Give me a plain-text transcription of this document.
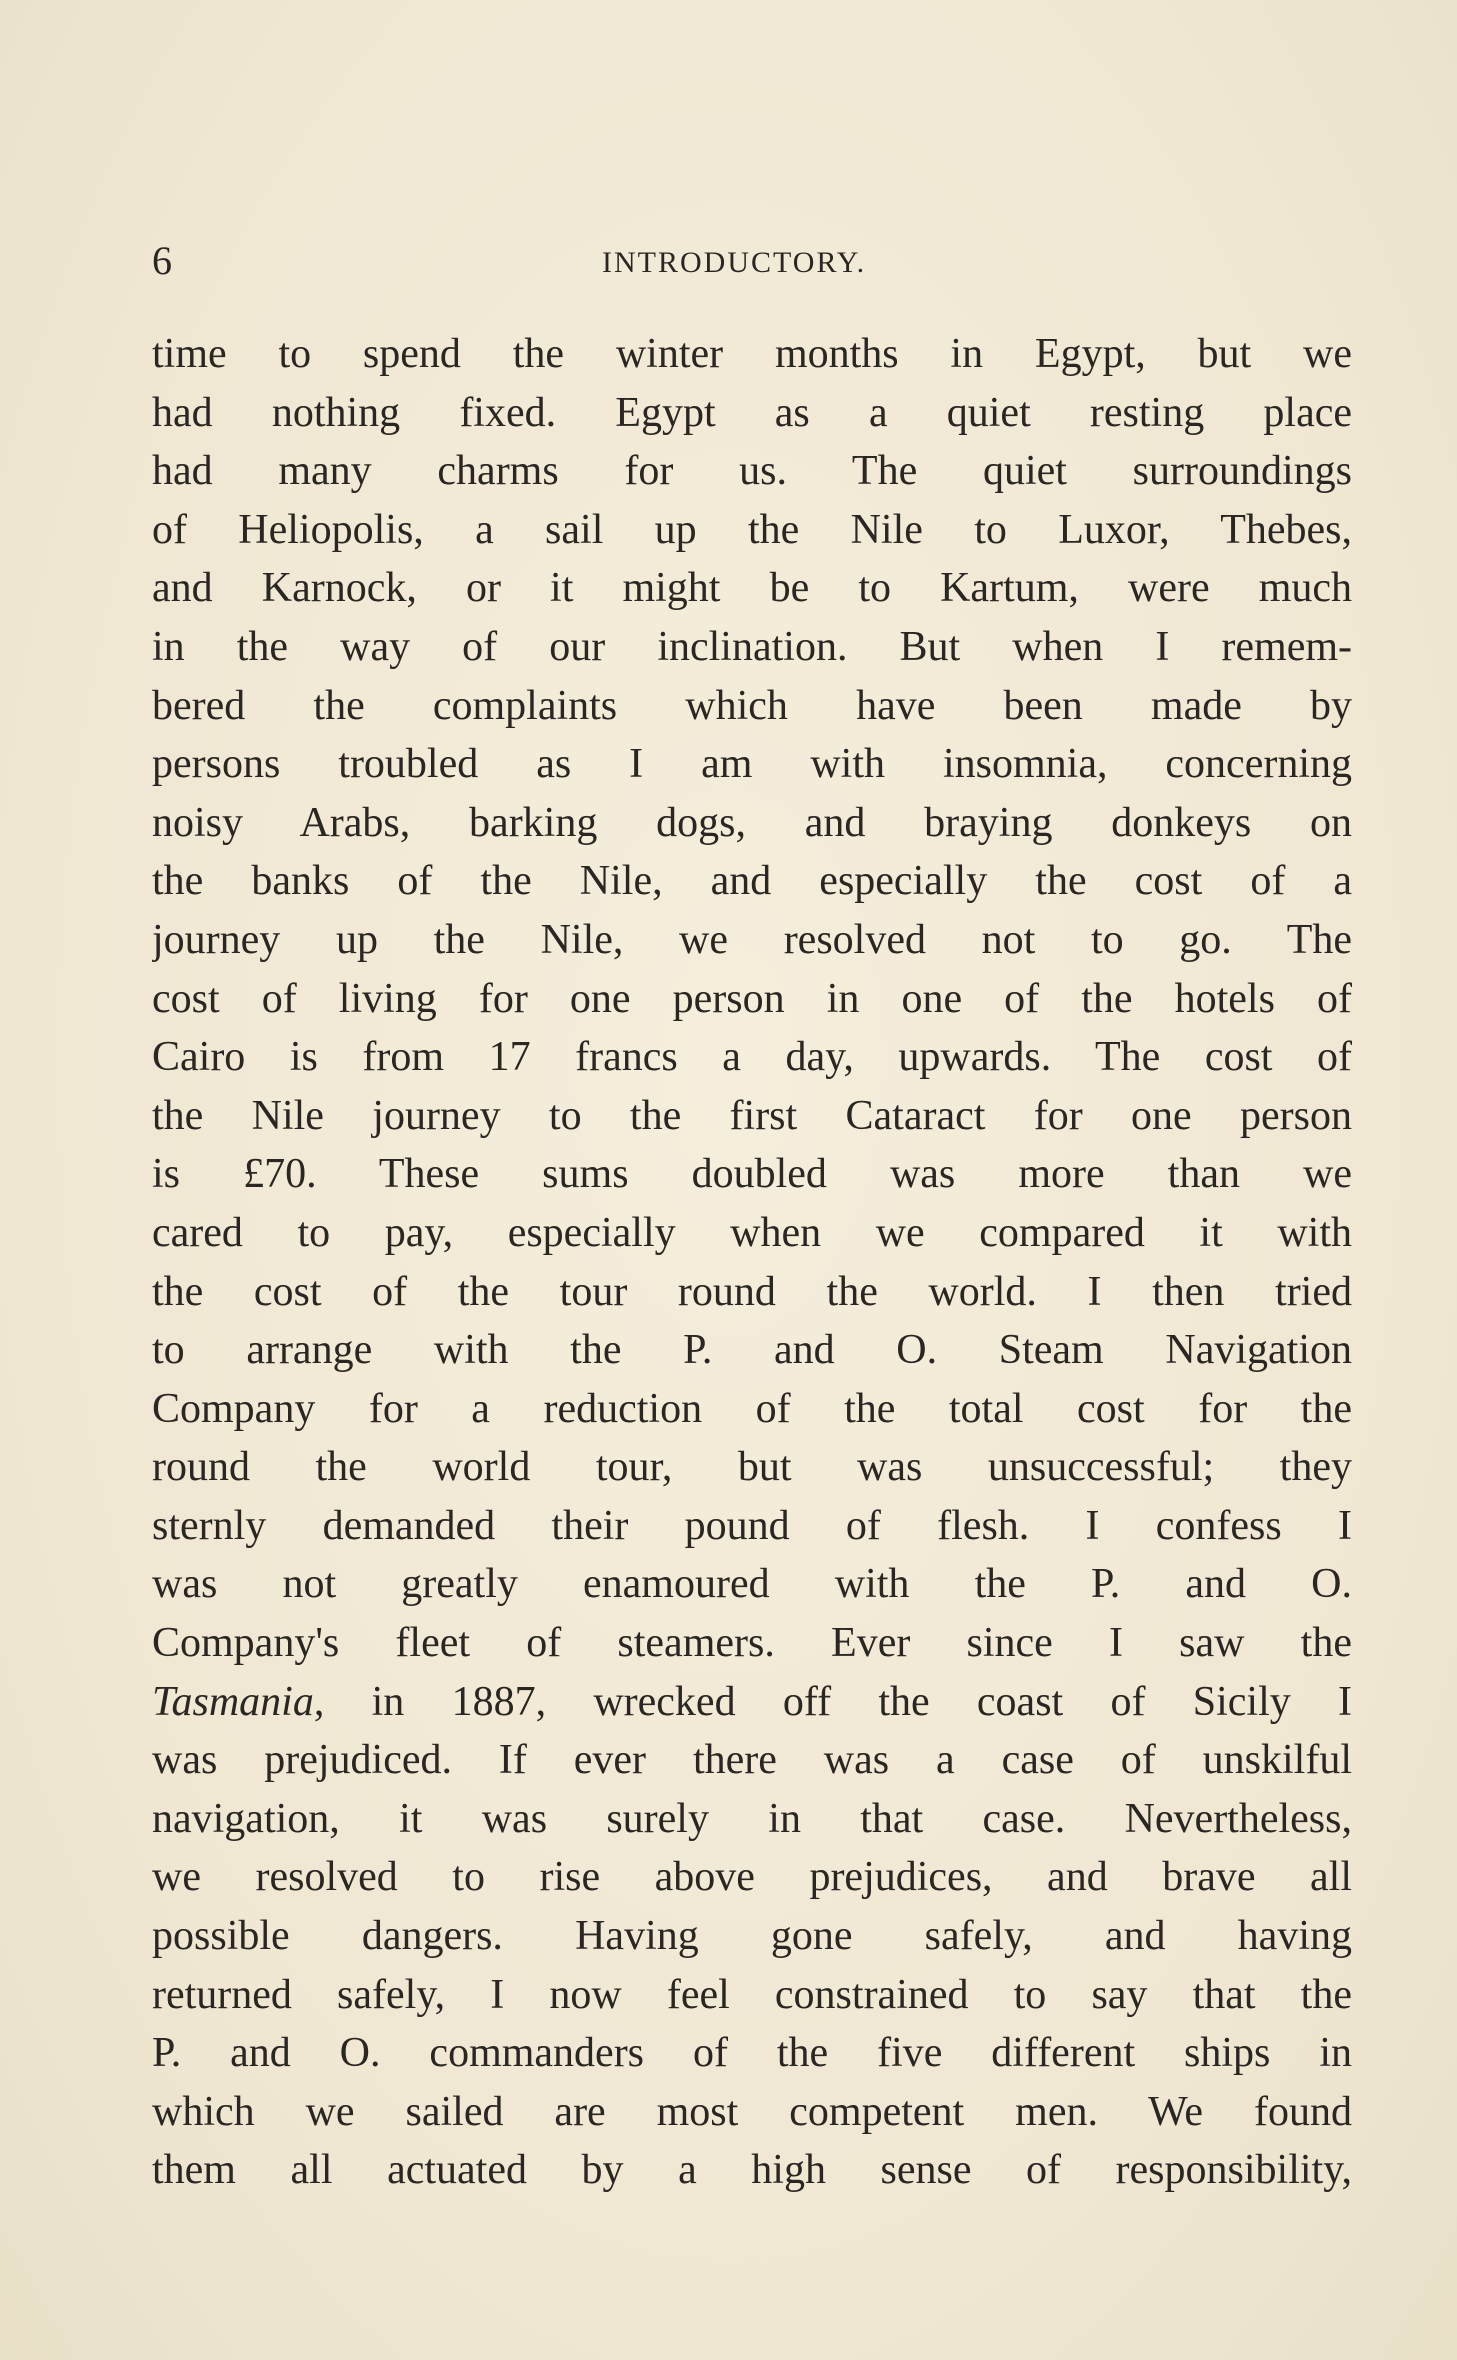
6	INTRODUCTORY.
time to spend the winter months in Egypt, but we
had nothing fixed. Egypt as a quiet resting place
had many charms for us. The quiet surroundings
of Heliopolis, a sail up the Nile to Luxor, Thebes,
and Karnock, or it might be to Kartum, were much
in the way of our inclination. But when I remem-
bered the complaints which have been made by
persons troubled as I am with insomnia, concerning
noisy Arabs, barking dogs, and braying donkeys on
the banks of the Nile, and especially the cost of a
journey up the Nile, we resolved not to go. The
cost of living for one person in one of the hotels of
Cairo is from 17 francs a day, upwards. The cost of
the Nile journey to the first Cataract for one person
is £70. These sums doubled was more than we
cared to pay, especially when we compared it with
the cost of the tour round the world. I then tried
to arrange with the P. and O. Steam Navigation
Company for a reduction of the total cost for the
round the world tour, but was unsuccessful; they
sternly demanded their pound of flesh. I confess I
was not greatly enamoured with the P. and O.
Company's fleet of steamers. Ever since I saw the
Tasmania, in 1887, wrecked off the coast of Sicily I
was prejudiced. If ever there was a case of unskilful
navigation, it was surely in that case. Nevertheless,
we resolved to rise above prejudices, and brave all
possible dangers. Having gone safely, and having
returned safely, I now feel constrained to say that the
P. and O. commanders of the five different ships in
which we sailed are most competent men. We found
them all actuated by a high sense of responsibility,
